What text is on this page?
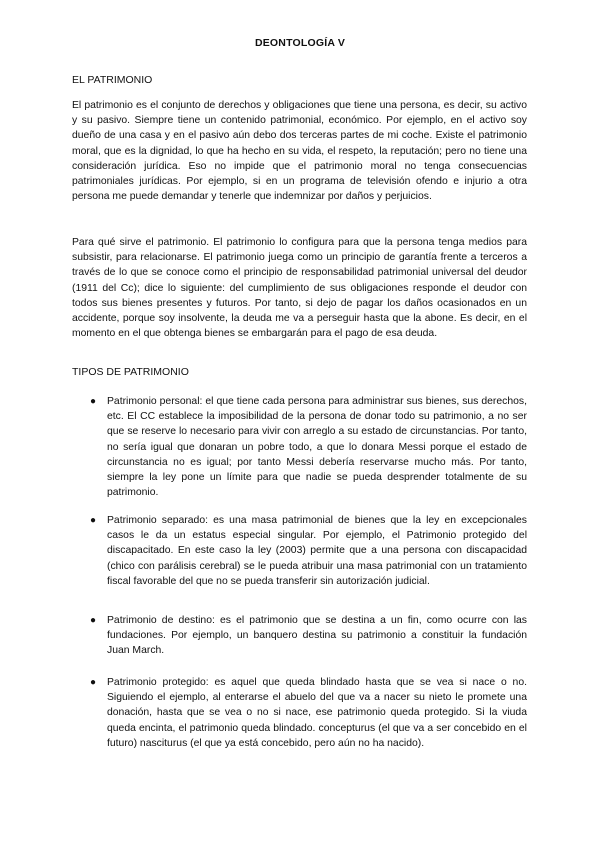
DEONTOLOGÍA V
EL PATRIMONIO

El patrimonio es el conjunto de derechos y obligaciones que tiene una persona, es decir, su activo y su pasivo. Siempre tiene un contenido patrimonial, económico. Por ejemplo, en el activo soy dueño de una casa y en el pasivo aún debo dos terceras partes de mi coche. Existe el patrimonio moral, que es la dignidad, lo que ha hecho en su vida, el respeto, la reputación; pero no tiene una consideración jurídica. Eso no impide que el patrimonio moral no tenga consecuencias patrimoniales jurídicas. Por ejemplo, si en un programa de televisión ofendo e injurio a otra persona me puede demandar y tenerle que indemnizar por daños y perjuicios.

Para qué sirve el patrimonio. El patrimonio lo configura para que la persona tenga medios para subsistir, para relacionarse. El patrimonio juega como un principio de garantía frente a terceros a través de lo que se conoce como el principio de responsabilidad patrimonial universal del deudor (1911 del Cc); dice lo siguiente: del cumplimiento de sus obligaciones responde el deudor con todos sus bienes presentes y futuros. Por tanto, si dejo de pagar los daños ocasionados en un accidente, porque soy insolvente, la deuda me va a perseguir hasta que la abone. Es decir, en el momento en el que obtenga bienes se embargarán para el pago de esa deuda.

TIPOS DE PATRIMONIO
● Patrimonio personal: el que tiene cada persona para administrar sus bienes, sus derechos, etc. El CC establece la imposibilidad de la persona de donar todo su patrimonio, a no ser que se reserve lo necesario para vivir con arreglo a su estado de circunstancias. Por tanto, no sería igual que donaran un pobre todo, a que lo donara Messi porque el estado de circunstancia no es igual; por tanto Messi debería reservarse mucho más. Por tanto, siempre la ley pone un límite para que nadie se pueda desprender totalmente de su patrimonio.

● Patrimonio separado: es una masa patrimonial de bienes que la ley en excepcionales casos le da un estatus especial singular. Por ejemplo, el Patrimonio protegido del discapacitado. En este caso la ley (2003) permite que a una persona con discapacidad (chico con parálisis cerebral) se le pueda atribuir una masa patrimonial con un tratamiento fiscal favorable del que no se pueda transferir sin autorización judicial.

● Patrimonio de destino: es el patrimonio que se destina a un fin, como ocurre con las fundaciones. Por ejemplo, un banquero destina su patrimonio a constituir la fundación Juan March.

● Patrimonio protegido: es aquel que queda blindado hasta que se vea si nace o no. Siguiendo el ejemplo, al enterarse el abuelo del que va a nacer su nieto le promete una donación, hasta que se vea o no si nace, ese patrimonio queda protegido. Si la viuda queda encinta, el patrimonio queda blindado. concepturus (el que va a ser concebido en el futuro) nasciturus (el que ya está concebido, pero aún no ha nacido).
